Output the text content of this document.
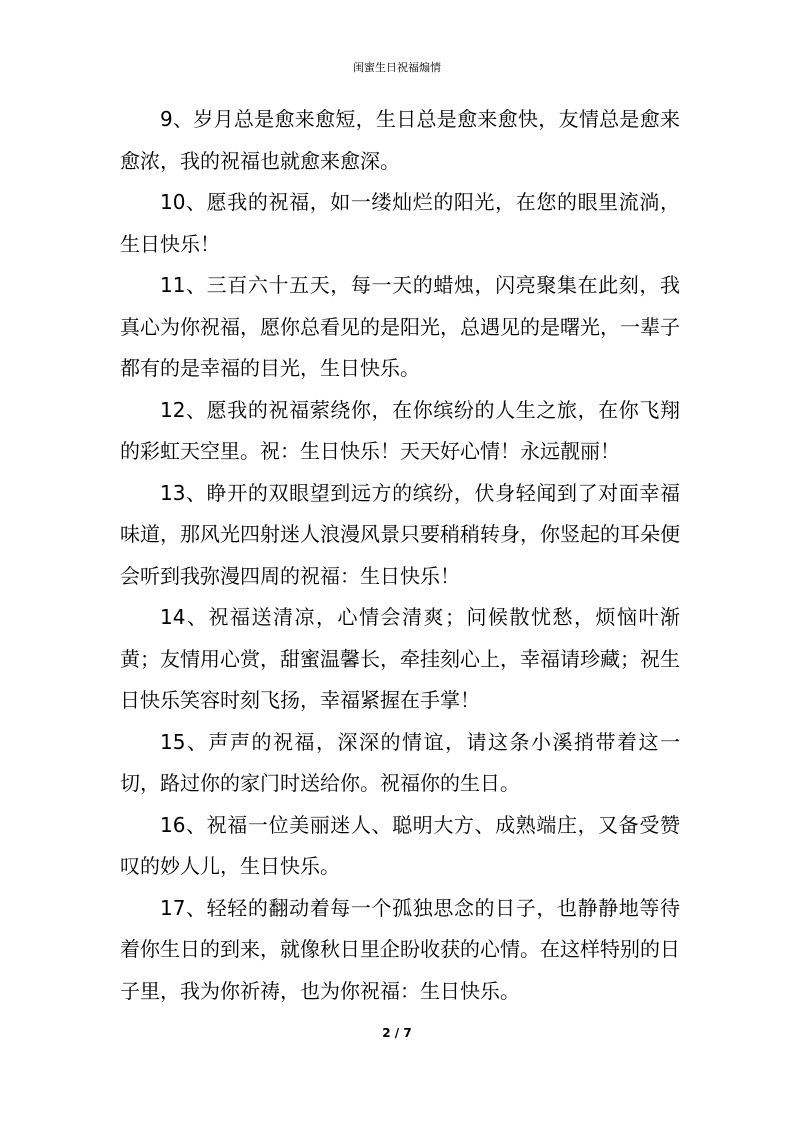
闺蜜生日祝福煽情

9、岁月总是愈来愈短，生日总是愈来愈快，友情总是愈来愈浓，我的祝福也就愈来愈深。

10、愿我的祝福，如一缕灿烂的阳光，在您的眼里流淌，生日快乐！

11、三百六十五天，每一天的蜡烛，闪亮聚集在此刻，我真心为你祝福，愿你总看见的是阳光，总遇见的是曙光，一辈子都有的是幸福的目光，生日快乐。

12、愿我的祝福萦绕你，在你缤纷的人生之旅，在你飞翔的彩虹天空里。祝：生日快乐！天天好心情！永远靓丽！

13、睁开的双眼望到远方的缤纷，伏身轻闻到了对面幸福味道，那风光四射迷人浪漫风景只要稍稍转身，你竖起的耳朵便会听到我弥漫四周的祝福：生日快乐！

14、祝福送清凉，心情会清爽；问候散忧愁，烦恼叶渐黄；友情用心赏，甜蜜温馨长，牵挂刻心上，幸福请珍藏；祝生日快乐笑容时刻飞扬，幸福紧握在手掌！

15、声声的祝福，深深的情谊，请这条小溪捎带着这一切，路过你的家门时送给你。祝福你的生日。

16、祝福一位美丽迷人、聪明大方、成熟端庄，又备受赞叹的妙人儿，生日快乐。

17、轻轻的翻动着每一个孤独思念的日子，也静静地等待着你生日的到来，就像秋日里企盼收获的心情。在这样特别的日子里，我为你祈祷，也为你祝福：生日快乐。

2 / 7
